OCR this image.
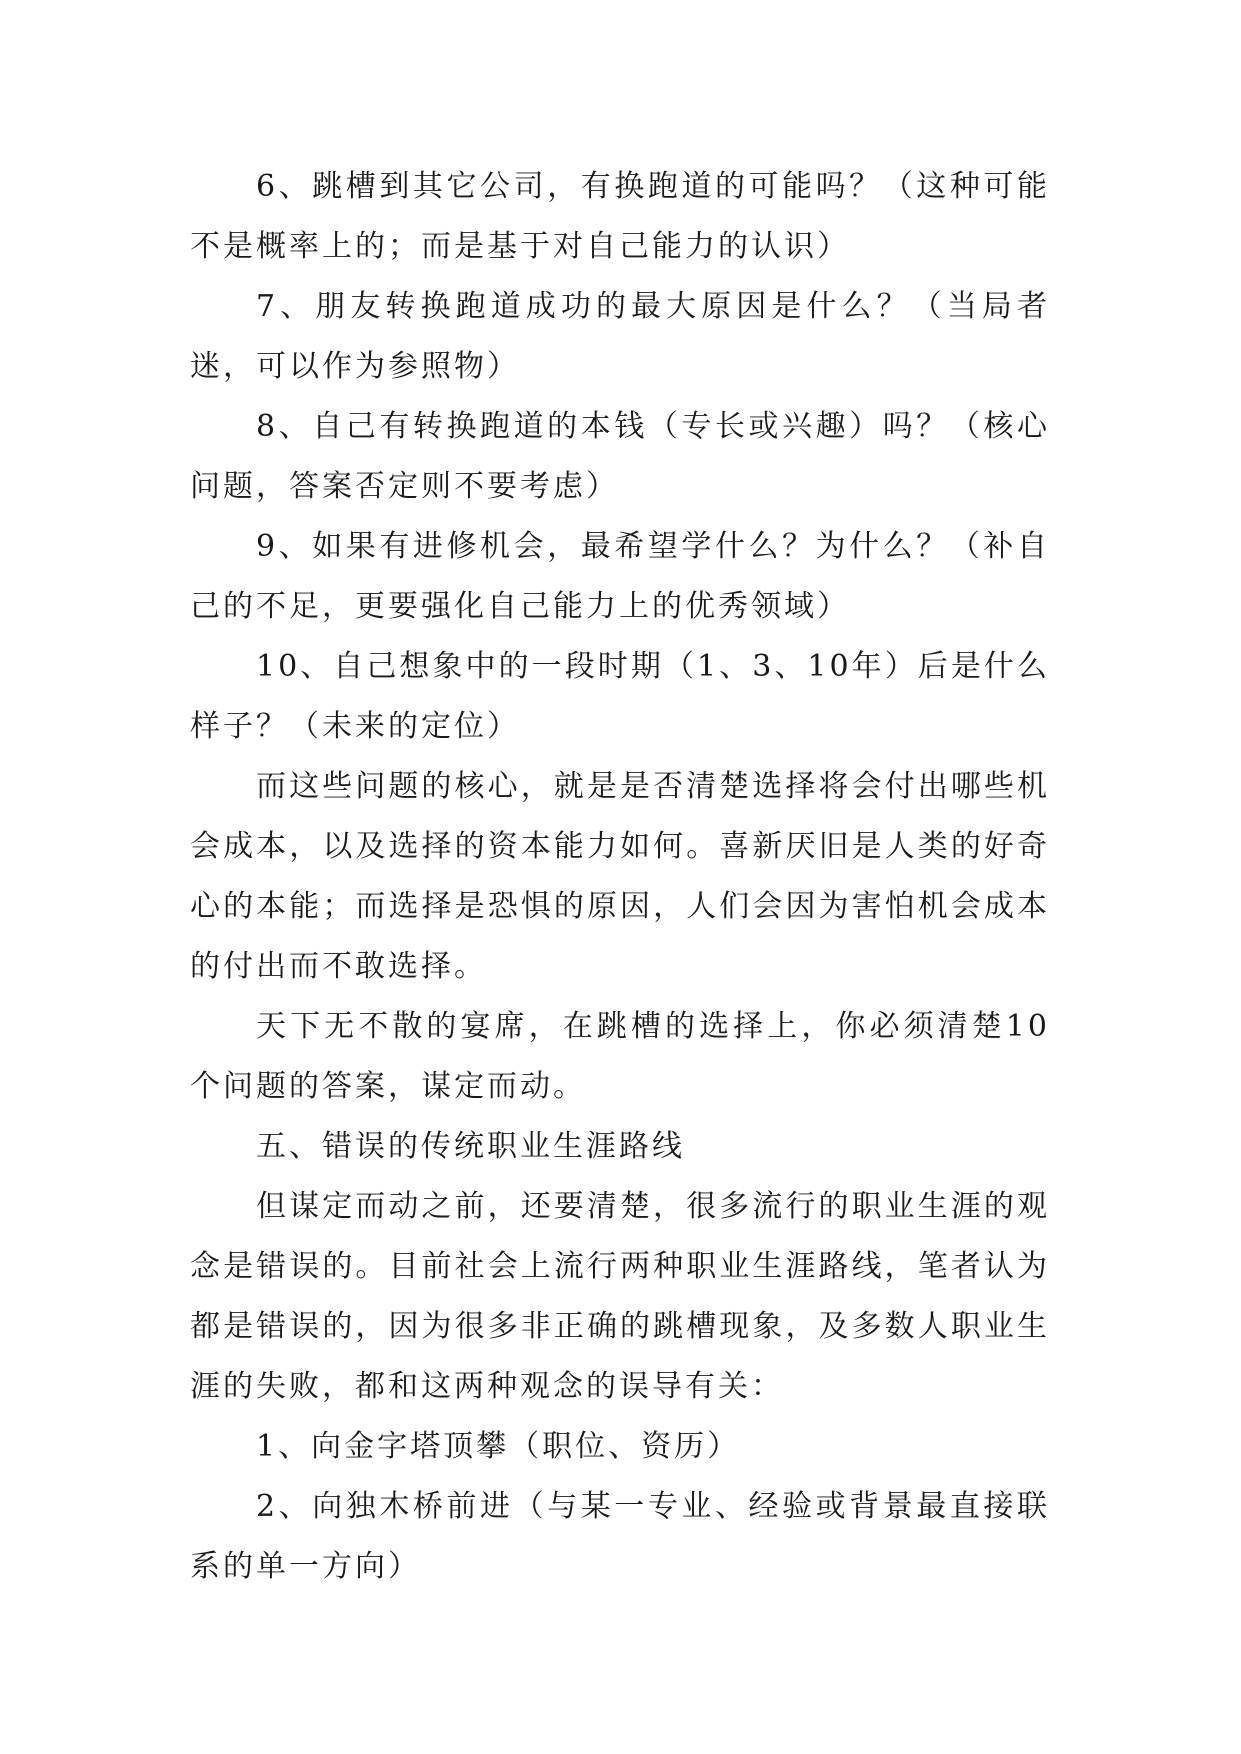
6、跳槽到其它公司，有换跑道的可能吗？（这种可能不是概率上的；而是基于对自己能力的认识）

7、朋友转换跑道成功的最大原因是什么？（当局者迷，可以作为参照物）

8、自己有转换跑道的本钱（专长或兴趣）吗？（核心问题，答案否定则不要考虑）

9、如果有进修机会，最希望学什么？为什么？（补自己的不足，更要强化自己能力上的优秀领域）

10、自己想象中的一段时期（1、3、10年）后是什么样子？（未来的定位）

而这些问题的核心，就是是否清楚选择将会付出哪些机会成本，以及选择的资本能力如何。喜新厌旧是人类的好奇心的本能；而选择是恐惧的原因，人们会因为害怕机会成本的付出而不敢选择。

天下无不散的宴席，在跳槽的选择上，你必须清楚10个问题的答案，谋定而动。

五、错误的传统职业生涯路线

但谋定而动之前，还要清楚，很多流行的职业生涯的观念是错误的。目前社会上流行两种职业生涯路线，笔者认为都是错误的，因为很多非正确的跳槽现象，及多数人职业生涯的失败，都和这两种观念的误导有关：

1、向金字塔顶攀（职位、资历）

2、向独木桥前进（与某一专业、经验或背景最直接联系的单一方向）
